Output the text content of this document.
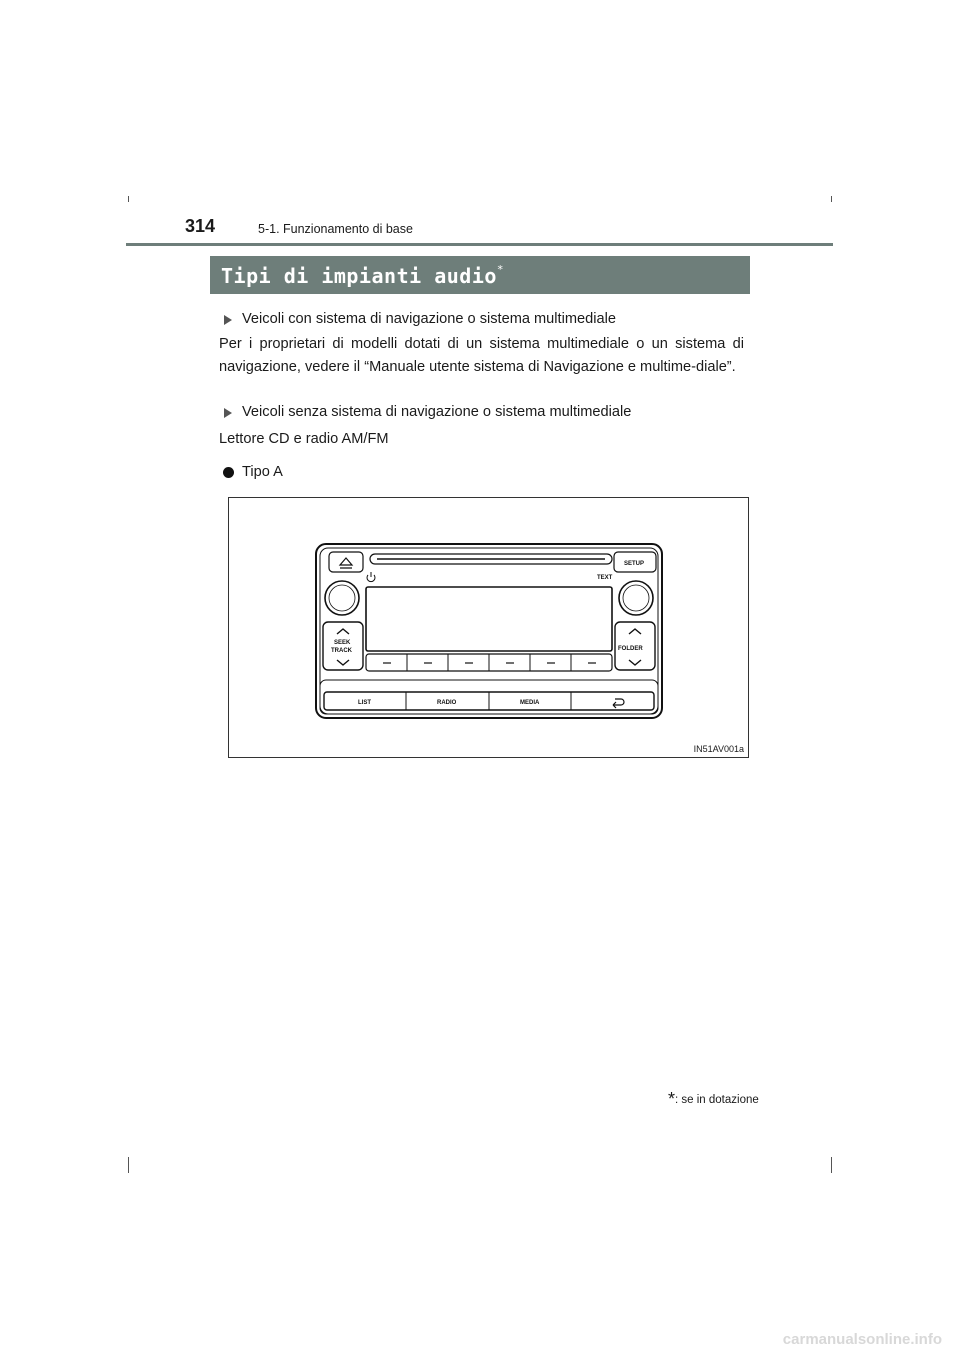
314	5-1. Funzionamento di base
Tipi di impianti audio*
Veicoli con sistema di navigazione o sistema multimediale
Per i proprietari di modelli dotati di un sistema multimediale o un sistema di navigazione, vedere il “Manuale utente sistema di Navigazione e multime-diale”.
Veicoli senza sistema di navigazione o sistema multimediale
Lettore CD e radio AM/FM
Tipo A
SETUP
TEXT
SEEK
TRACK	FOLDER
LIST	RADIO	MEDIA
IN51AV001a
*: se in dotazione
carmanualsonline.info
